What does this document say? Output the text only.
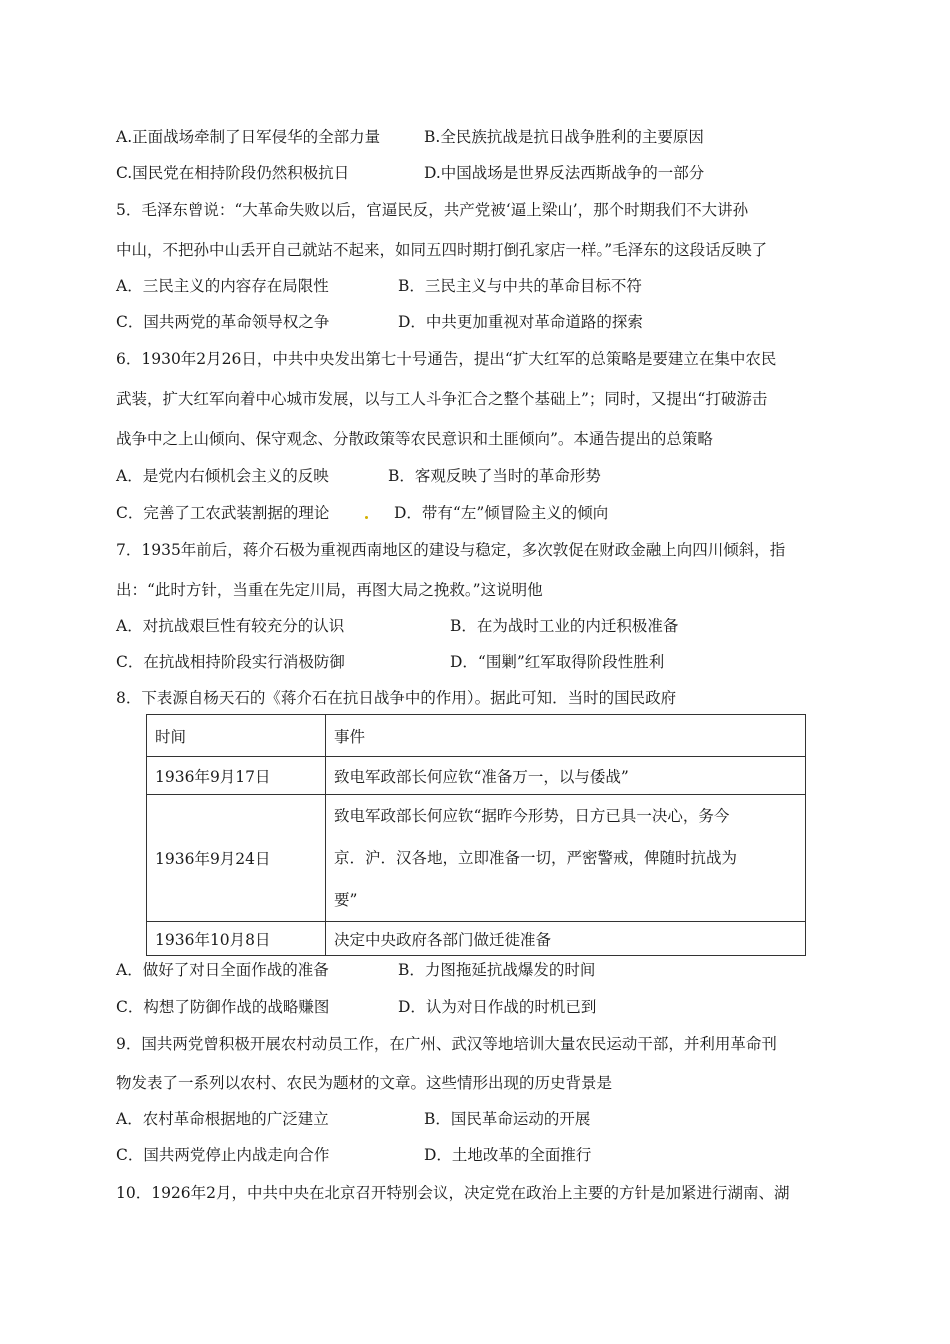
A.正面战场牵制了日军侵华的全部力量	B.全民族抗战是抗日战争胜利的主要原因
C.国民党在相持阶段仍然积极抗日	D.中国战场是世界反法西斯战争的一部分
5．毛泽东曾说：“大革命失败以后，官逼民反，共产党被‘逼上梁山’，那个时期我们不大讲孙
中山，不把孙中山丢开自己就站不起来，如同五四时期打倒孔家店一样。”毛泽东的这段话反映了
A．三民主义的内容存在局限性	B．三民主义与中共的革命目标不符
C．国共两党的革命领导权之争	D．中共更加重视对革命道路的探索
6．1930年2月26日，中共中央发出第七十号通告，提出“扩大红军的总策略是要建立在集中农民
武装，扩大红军向着中心城市发展，以与工人斗争汇合之整个基础上”；同时，又提出“打破游击
战争中之上山倾向、保守观念、分散政策等农民意识和土匪倾向”。本通告提出的总策略
A．是党内右倾机会主义的反映	B．客观反映了当时的革命形势
C．完善了工农武装割据的理论	D．带有“左”倾冒险主义的倾向
7．1935年前后，蒋介石极为重视西南地区的建设与稳定，多次敦促在财政金融上向四川倾斜，指
出：“此时方针，当重在先定川局，再图大局之挽救。”这说明他
A．对抗战艰巨性有较充分的认识	B．在为战时工业的内迁积极准备
C．在抗战相持阶段实行消极防御	D．“围剿”红军取得阶段性胜利
8．下表源自杨天石的《蒋介石在抗日战争中的作用）。据此可知．当时的国民政府
时间	事件
1936年9月17日	致电军政部长何应钦“准备万一，以与倭战”
1936年9月24日	致电军政部长何应钦“据昨今形势，日方已具一决心，务今
京．沪．汉各地，立即准备一切，严密警戒，俾随时抗战为
要”

1936年10月8日	决定中央政府各部门做迁徙准备
A．做好了对日全面作战的准备	B．力图拖延抗战爆发的时间
C．构想了防御作战的战略赚图	D．认为对日作战的时机已到
9．国共两党曾积极开展农村动员工作，在广州、武汉等地培训大量农民运动干部，并利用革命刊
物发表了一系列以农村、农民为题材的文章。这些情形出现的历史背景是
A．农村革命根据地的广泛建立	B．国民革命运动的开展
C．国共两党停止内战走向合作	D．土地改革的全面推行
10．1926年2月，中共中央在北京召开特别会议，决定党在政治上主要的方针是加紧进行湖南、湖
